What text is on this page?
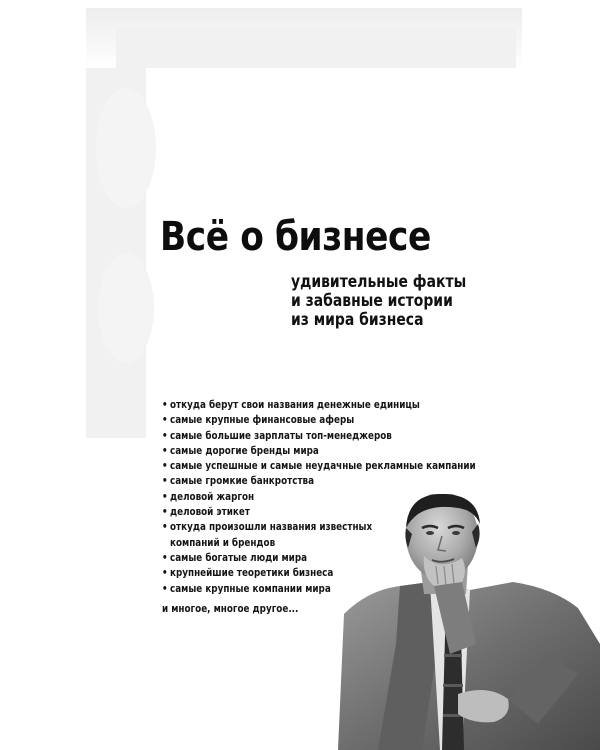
Всё о бизнесе
удивительные факты
и забавные истории
из мира бизнеса
• откуда берут свои названия денежные единицы
• самые крупные финансовые аферы
• самые большие зарплаты топ-менеджеров
• самые дорогие бренды мира
• самые успешные и самые неудачные рекламные кампании
• самые громкие банкротства
• деловой жаргон
• деловой этикет
• откуда произошли названия известных
компаний и брендов
• самые богатые люди мира
• крупнейшие теоретики бизнеса
• самые крупные компании мира
и многое, многое другое...
